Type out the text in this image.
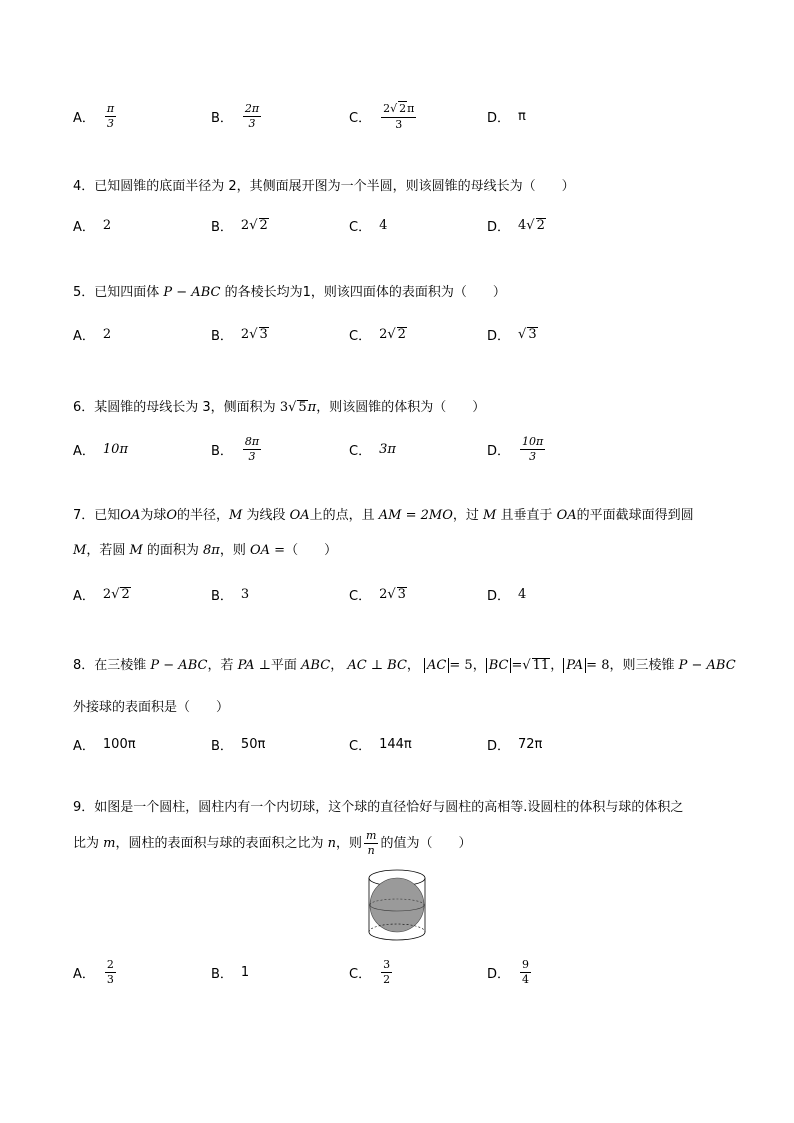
A． $\frac{\pi}{3}$	B． $\frac{2\pi}{3}$	C． $\frac{2√ 2\pi}{3}$	D． π
4．已知圆锥的底面半径为 2，其侧面展开图为一个半圆，则该圆锥的母线长为（　　）
A． 2	B． 2 √ 2	C． 4	D． 4 √ 2
5．已知四面体 P − ABC 的各棱长均为1，则该四面体的表面积为（　　）
A． 2	B． 2 √ 3	C． 2 √ 2	D． √ 3
6．某圆锥的母线长为 3，侧面积为 3√ 5π，则该圆锥的体积为（　　）
A． 10π	B． $\frac{8\pi}{3}$	C． 3π	D． $\frac{10\pi}{3}$
7．已知OA为球O的半径，M 为线段 OA上的点，且 AM = 2MO，过 M 且垂直于 OA的平面截球面得到圆
M，若圆 M 的面积为 8π，则 OA =（　　）
A． 2 √ 2	B． 3	C． 2 √ 3	D． 4
8．在三棱锥 P − ABC，若 PA ⊥平面 ABC， AC ⊥ BC， AC = 5， BC =√ 11， PA = 8，则三棱锥 P − ABC
外接球的表面积是（　　）
A． 100π	B． 50π	C． 144π	D． 72π
9．如图是一个圆柱，圆柱内有一个内切球，这个球的直径恰好与圆柱的高相等.设圆柱的体积与球的体积之
比为 m，圆柱的表面积与球的表面积之比为 n，则 $\frac{m}{n}$ 的值为（　　）
A． $\frac{2}{3}$	B． 1	C． $\frac{3}{2}$	D． $\frac{9}{4}$
